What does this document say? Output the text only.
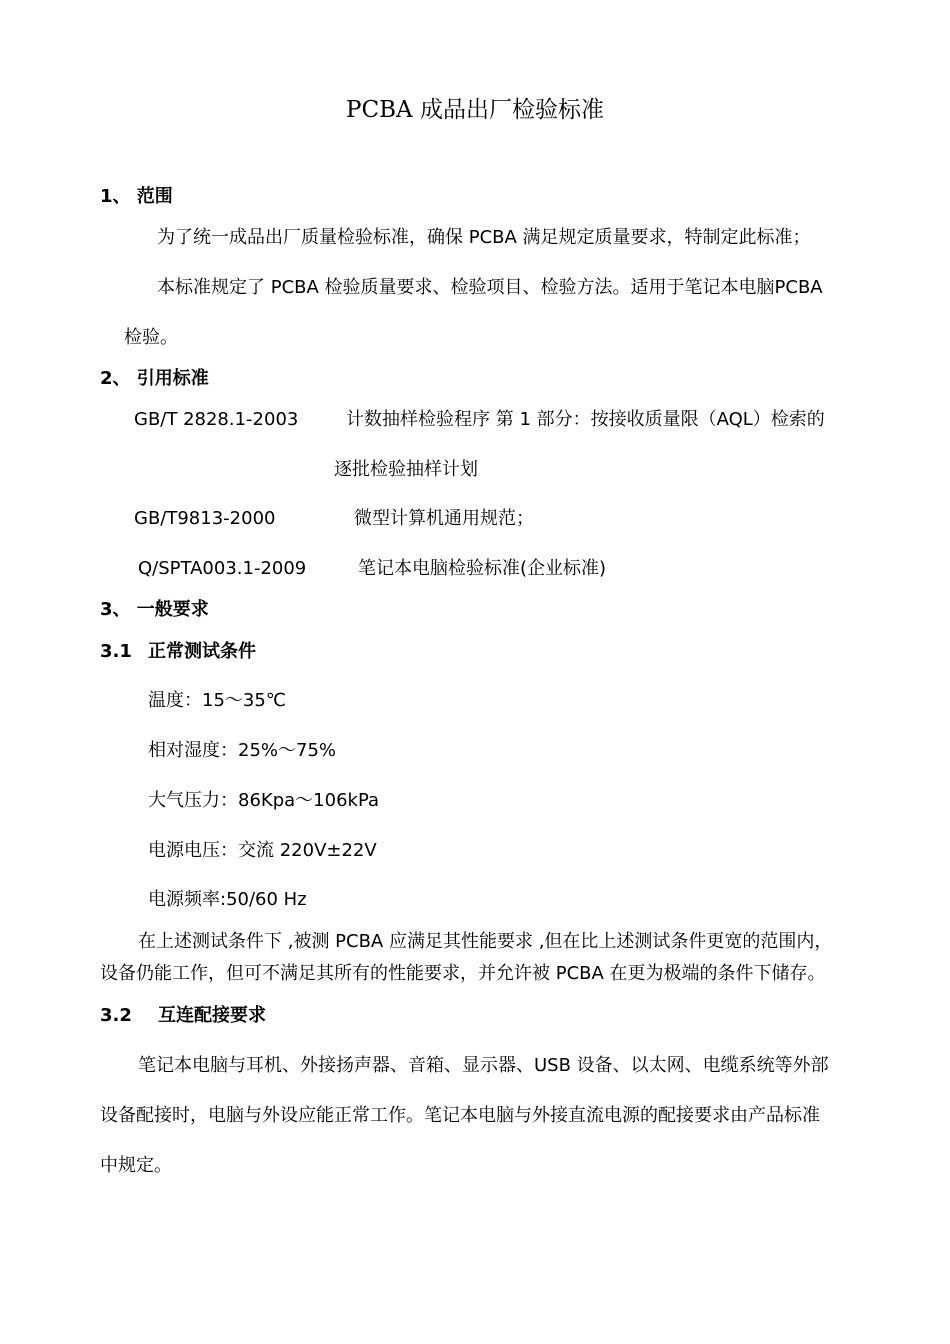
PCBA 成品出厂检验标准
1、 范围
为了统一成品出厂质量检验标准，确保 PCBA 满足规定质量要求，特制定此标准；
本标准规定了 PCBA 检验质量要求、检验项目、检验方法。适用于笔记本电脑PCBA
检验。
2、 引用标准
GB/T 2828.1-2003	计数抽样检验程序 第 1 部分：按接收质量限（AQL）检索的
逐批检验抽样计划
GB/T9813-2000	微型计算机通用规范；
Q/SPTA003.1-2009	笔记本电脑检验标准(企业标准)
3、 一般要求
3.1 正常测试条件
温度：15～35℃
相对湿度：25%～75%
大气压力：86Kpa～106kPa
电源电压：交流 220V±22V
电源频率:50/60 Hz
在上述测试条件下 ,被测 PCBA 应满足其性能要求 ,但在比上述测试条件更宽的范围内，
设备仍能工作，但可不满足其所有的性能要求，并允许被 PCBA 在更为极端的条件下储存。
3.2 互连配接要求
笔记本电脑与耳机、外接扬声器、音箱、显示器、USB 设备、以太网、电缆系统等外部
设备配接时，电脑与外设应能正常工作。笔记本电脑与外接直流电源的配接要求由产品标准
中规定。
